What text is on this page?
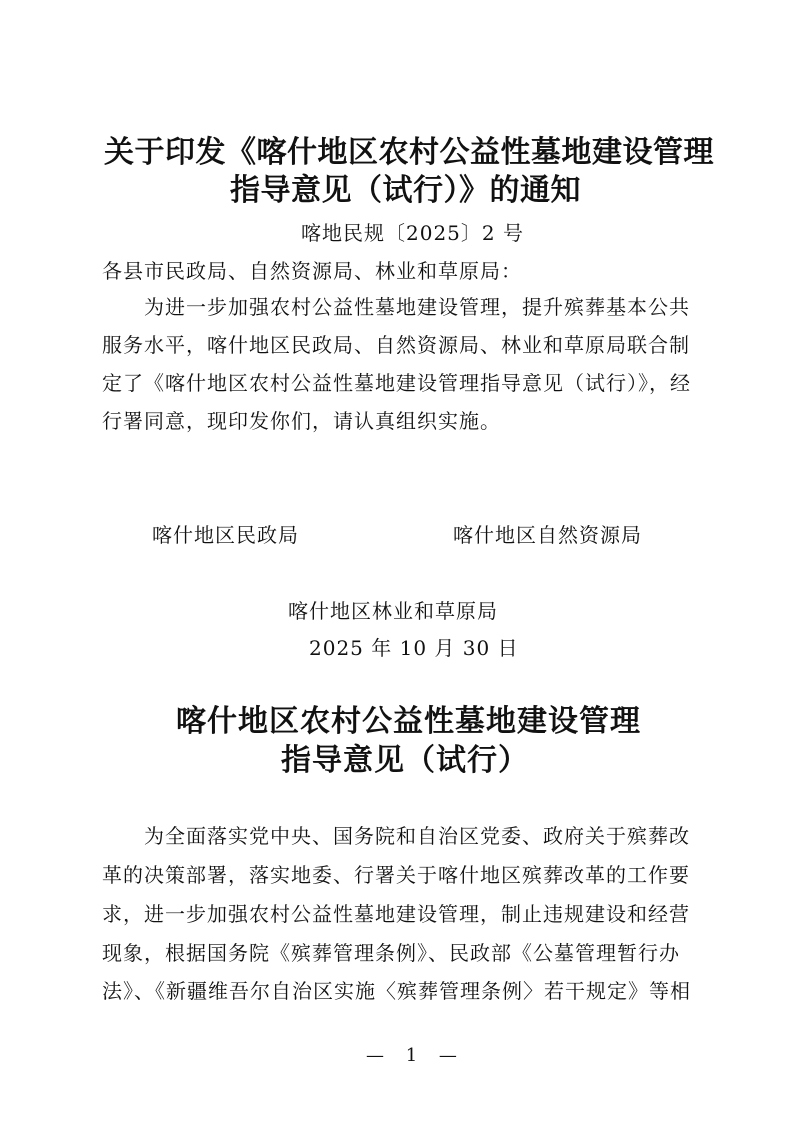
关于印发《喀什地区农村公益性墓地建设管理
指导意见（试行）》的通知
喀地民规〔2025〕2 号
各县市民政局、自然资源局、林业和草原局：
为进一步加强农村公益性墓地建设管理，提升殡葬基本公共
服务水平，喀什地区民政局、自然资源局、林业和草原局联合制
定了《喀什地区农村公益性墓地建设管理指导意见（试行）》，经
行署同意，现印发你们，请认真组织实施。
喀什地区民政局	喀什地区自然资源局
喀什地区林业和草原局
2025 年 10 月 30 日
喀什地区农村公益性墓地建设管理
指导意见（试行）
为全面落实党中央、国务院和自治区党委、政府关于殡葬改
革的决策部署，落实地委、行署关于喀什地区殡葬改革的工作要
求，进一步加强农村公益性墓地建设管理，制止违规建设和经营
现象，根据国务院《殡葬管理条例》、民政部《公墓管理暂行办
法》、《新疆维吾尔自治区实施〈殡葬管理条例〉若干规定》等相
— 1 —
